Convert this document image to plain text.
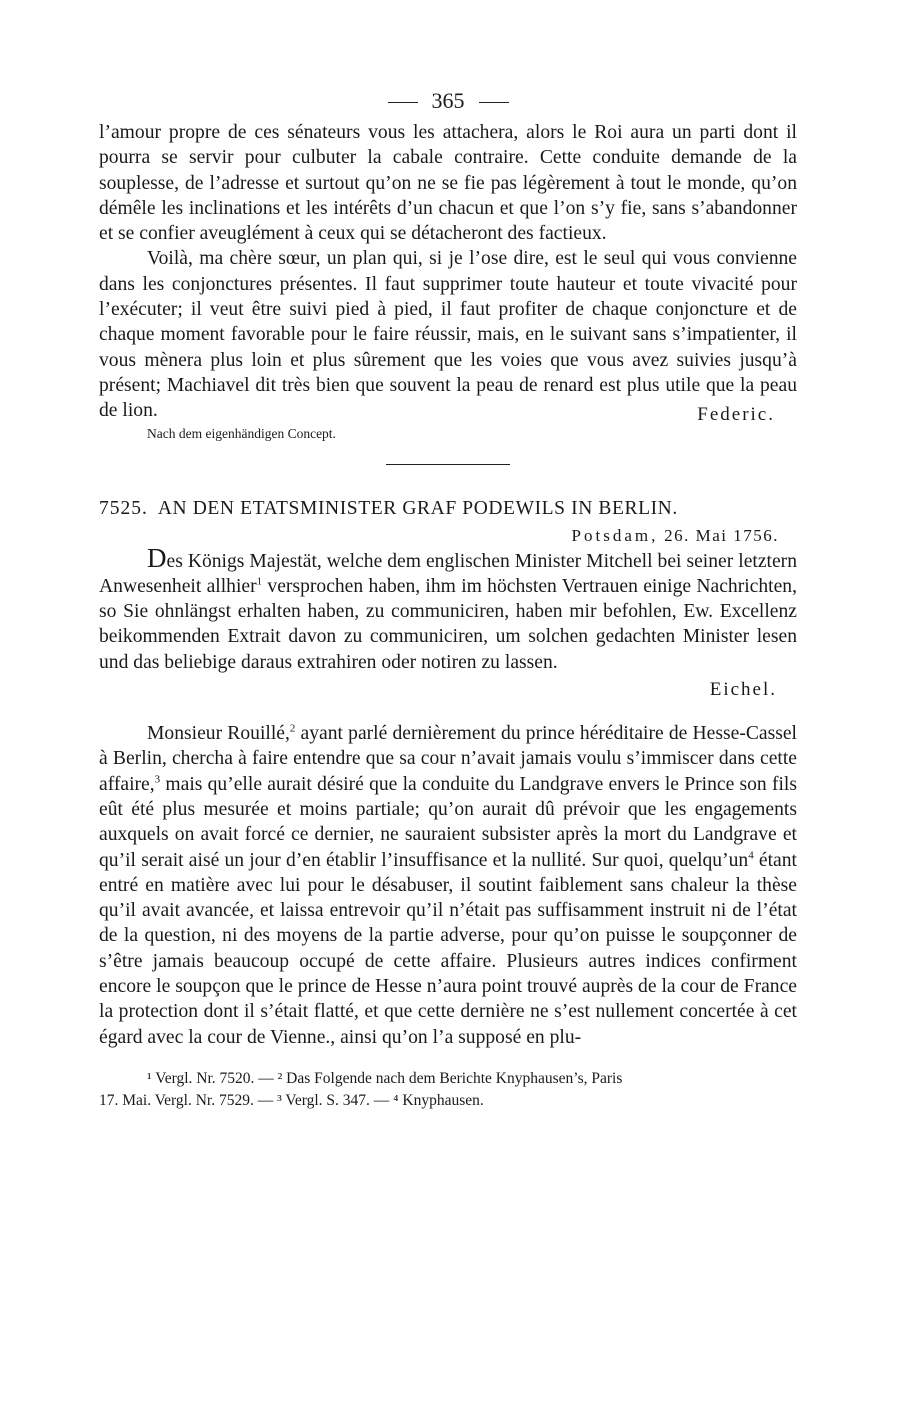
365

l’amour propre de ces sénateurs vous les attachera, alors le Roi aura un parti dont il pourra se servir pour culbuter la cabale contraire. Cette conduite demande de la souplesse, de l’adresse et surtout qu’on ne se fie pas légèrement à tout le monde, qu’on démêle les inclinations et les intérêts d’un chacun et que l’on s’y fie, sans s’abandonner et se confier aveuglément à ceux qui se détacheront des factieux.

Voilà, ma chère sœur, un plan qui, si je l’ose dire, est le seul qui vous convienne dans les conjonctures présentes. Il faut supprimer toute hauteur et toute vivacité pour l’exécuter; il veut être suivi pied à pied, il faut profiter de chaque conjoncture et de chaque moment favorable pour le faire réussir, mais, en le suivant sans s’impatienter, il vous mènera plus loin et plus sûrement que les voies que vous avez suivies jusqu’à présent; Machiavel dit très bien que souvent la peau de renard est plus utile que la peau de lion.	Federic.
Nach dem eigenhändigen Concept.
7525. AN DEN ETATSMINISTER GRAF PODEWILS IN BERLIN.
Potsdam, 26. Mai 1756.

Des Königs Majestät, welche dem englischen Minister Mitchell bei seiner letztern Anwesenheit allhier$^1$ versprochen haben, ihm im höchsten Vertrauen einige Nachrichten, so Sie ohnlängst erhalten haben, zu communiciren, haben mir befohlen, Ew. Excellenz beikommenden Extrait davon zu communiciren, um solchen gedachten Minister lesen und das beliebige daraus extrahiren oder notiren zu lassen.

Eichel.

Monsieur Rouillé,$^2$ ayant parlé dernièrement du prince héréditaire de Hesse-Cassel à Berlin, chercha à faire entendre que sa cour n’avait jamais voulu s’immiscer dans cette affaire,$^3$ mais qu’elle aurait désiré que la conduite du Landgrave envers le Prince son fils eût été plus mesurée et moins partiale; qu’on aurait dû prévoir que les engagements auxquels on avait forcé ce dernier, ne sauraient subsister après la mort du Landgrave et qu’il serait aisé un jour d’en établir l’insuffisance et la nullité. Sur quoi, $quelqu’un^4$ étant entré en matière avec lui pour le désabuser, il soutint faiblement sans chaleur la thèse qu’il avait avancée, et laissa entrevoir qu’il n’était pas suffisamment instruit ni de l’état de la question, ni des moyens de la partie adverse, pour qu’on puisse le soupçonner de s’être jamais beaucoup occupé de cette affaire. Plusieurs autres indices confirment encore le soupçon que le prince de Hesse n’aura point trouvé auprès de la cour de France la protection dont il s’était flatté, et que cette dernière ne s’est nullement concertée à cet égard avec la cour de Vienne., ainsi qu’on l’a supposé en plu-

¹ Vergl. Nr. 7520. — ² Das Folgende nach dem Berichte Knyphausen’s, Paris
17. Mai. Vergl. Nr. 7529. — ³ Vergl. S. 347. — ⁴ Knyphausen.
